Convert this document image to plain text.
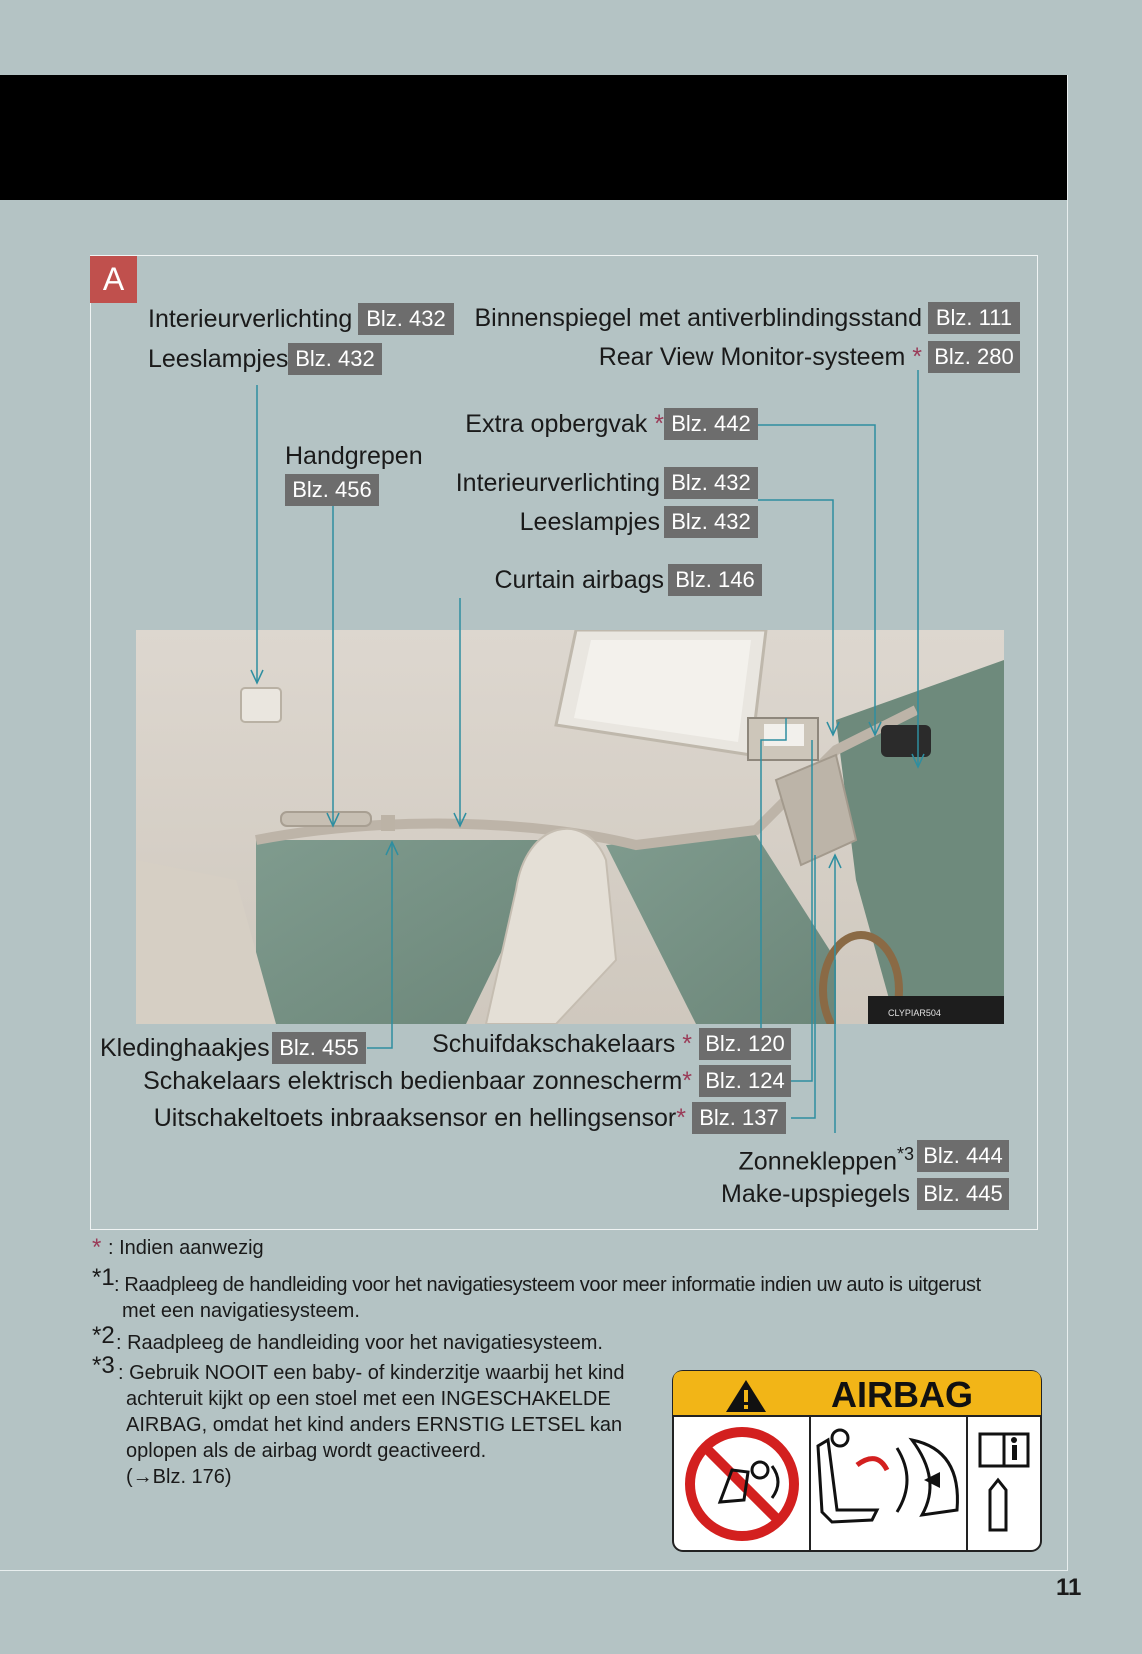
A
Interieurverlichting Blz. 432
Leeslampjes Blz. 432
Binnenspiegel met antiverblindingsstand Blz. 111
Rear View Monitor-systeem * Blz. 280
Handgrepen
Blz. 456
Extra opbergvak * Blz. 442
Interieurverlichting Blz. 432
Leeslampjes Blz. 432
Curtain airbags Blz. 146
CLYPIAR504
Kledinghaakjes Blz. 455	Schuifdakschakelaars * Blz. 120
Schakelaars elektrisch bedienbaar zonnescherm* Blz. 124
Uitschakeltoets inbraaksensor en hellingsensor* Blz. 137
Zonnekleppen$^{*3}$ Blz. 444
Make-upspiegels Blz. 445
* : Indien aanwezig
*1 : Raadpleeg de handleiding voor het navigatiesysteem voor meer informatie indien uw auto is uitgerust
met een navigatiesysteem.
*2 : Raadpleeg de handleiding voor het navigatiesysteem.
*3 : Gebruik NOOIT een baby- of kinderzitje waarbij het kind
achteruit kijkt op een stoel met een INGESCHAKELDE
AIRBAG, omdat het kind anders ERNSTIG LETSEL kan
oplopen als de airbag wordt geactiveerd.
(→Blz. 176)
AIRBAG
11
